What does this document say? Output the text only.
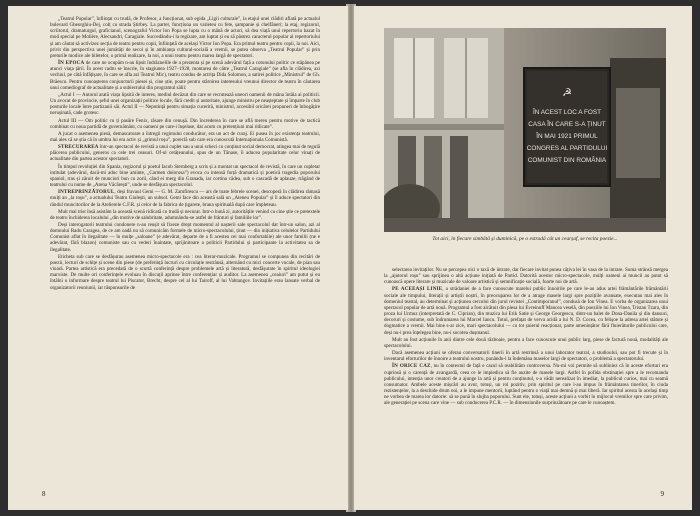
„Teatrul Popular”, înființat cu trudă, de Profesor, a funcționat, sub egida „Ligii culturale”, la etajul unei clădiri aflată pe actualul bulevard Gheorghiu-Dej, colț cu strada Știrbey. La parter, funcționa un varieteu cu fete, șampanie și chelfăneri; la etaj, regizorul, scriitorul, dramaturgul, graficianul, scenograful Victor Ion Popa se lupta cu o mână de actori, să dea viață unui repertoriu bazat în mod special pe Molière, Alecsandri, Caragiale. Succedându-i la regizare, am luptat și eu să păstrez caracterul popular al repertoriului și am căutat să activizez secția de teatru pentru copii, înființată de același Victor Ion Popa. Era primul teatru pentru copii, la noi. Aici, privit din perspectiva unei jumătăți de secol și în ambianța cultural-socială a vremii, se putea observa „Teatrul Popular” și prin preturile modice ale biletelor, o primă realizare, la noi, a unui teatru pentru marea largă de spectatori.

ÎN EPOCA de care ne ocupăm n-au lipsit îndrăznelile de a prezenta și pe scenă adevărul față a cotonului politic ce stăpânea pe atunci viața țării. În acest cadru se înscrie, în stagiunea 1927–1928, montarea de către „Teatrul Caragiale” (se afla în clădirea, azi vechiul, pe câtă înfățișare, în care se afla azi Teatrul Mic), teatru condus de actrița Dida Solomon, a satirei politice „Ministrul” de Gh. Brăescu. Pentru cunoașterea conjuncturii piesei și, cine știe, poate pentru stârnirea interesului vreunui director de teatru în căutarea unui comediograf de actualitate și a subiectului din programul sălii:

„Actul I — Autorul arată viața lipsită de interes, mediul decăzut din care se recrutează uneori oamenii de mâna întâia ai politicii. Un avocat de provincie, șeful unei organizații politice locale, fără credit și autoritate, ajunge ministru pe neașteptate și împarte în club posturile locale între partizanii săi. Actul II — Neputință pentru situația cucerită, ministrul, accesibil oricărei propuneri de înbogățire nerușinată, cade grotesc.

Actul III — Om politic cu ți pasăre Fenix, răsare din cenușă. Din încrederea în care se află mereu pentru motive de tactică combinat cu noua partidă de guvernământ, cu oameni pe care-i înșelase, dar acum cu pretențiuni mai ridicate”.

A jucat o asemenea piesă, demascatoare a întregii regimului conducător, era un act de curaj. Ei pusea în joc existența teatrului, mai ales că se știa că în umbra lui era activ și „grimul roșu”, poreclă sub care era cunoscută Internaționala Comunistă.

STRECURAREA într-un spectacol de revistă a unui cuplet sau a unui scheci cu conținut social democrat, atingea mai de regulă plăcerea publicului, generos ca cele trei ceasuri. Of-ul cetățeanului, spus de un Tănase, îi aducea popularitate celor vinați de actualitate din partea acestor spectatori.

În timpul revoluției din Spania, regizorul și poetul Iacob Sternberg a scris și a montat un spectacol de revistă, în care un cupletar intitulat (adevărul, dacă-mi aduc bine aminte, „Carmen dolorosa”) evoca cu intensă forță dramatică și poetică tragedia poporului spaniol, tras și zăruit de munciori bun cu zorii, când ei merg din Granada, iar cortina cădea, sub o cascadă de aplauze, trăgând de teatrului cu nume de „Arena Văcărești”, unde se desfășura spectacolul.

INTREPRINZĂTORUL, deși fravaul Gemi — G. M. Zamfirescu — ars de toate febrele scenei, descoperă în clădirea rămasă mulți an „la roșu”, a actualului Teatru Giulești, un subsol. Gemi face din această sală un „Ateneu Popular” și îi aduce spectatori din rândul muncitorilor de la Atelierele C.F.R. și celor de la fabrica de țigarete, brana spirituală după care împleteau.

Mult mai trist însă asistăm la această scenă ridicată cu trudă și necurat. Intr-o bună zi, autoritățile venind cu cine știe ce pretextele de teatru închiderea localului „din motive de salubritate, adumnându-se astfel de frânturi și familiile lor”.

Deși interogatorii teatrului condonere n-au reușit să fixeze drept momentul al nașterii sale spectacolul dat într-un salon, azi al domnului Radu Caragea, de ce am oadă nu să comunicăm formele de micro-spectacolului, ținut — din inițiativa celulelor Partidului Comunist aflat în ilegalitate — în mulțe „saloane” (e adevărat, departe de a fi acestea cei mai confortabile) ale unor familii (ne e adevărat, fără blazon) comuniste sau cu vederi înaintate, sprijinitoare a politicii Partidului și participante la activitatea sa de ilegalitate.

Eticheta sub care se desfășurau asemenea micro-spectacole era : cea literar-muzicale. Programul se compunea din recitări de poezii, lecturi de schițe și scene din piese (de preferință lucruri cu circulație restrânsă, alternând cu mici concerte vocale, de pian sau vioară. Partea artistică era precedată de o scurtă conferință despre problemele artă și literatură, desfășurate în spiritul ideologiei marxiste. De multe ori conferințele evoluau în discuții aprinse între conferențiar și auditor. La asemenea „ceaiuri” am putut și eu întâlni o informare despre teatrul lui Piscator, Brecht, despre cel al lui Tairoff, al lui Vahtangov. Invitațiile erau lansate verbal de organizatorii reuniunii, iar răspunsurile de

8
☭
ÎN ACEST LOC A FOST
CASA ÎN CARE S-A ȚINUT
ÎN MAI 1921 PRIMUL
CONGRES AL PARTIDULUI
COMUNIST DIN ROMÂNIA
Tot aici, în fiecare simbătă și duminică, pe o estradă cât un cearșaf, se recita poezie...

selectarea invitaților. Nu se percepea nici o taxă de intrare, dar fiecare invitat punea câțiva lei în vasa de la intrare. Suma strânsă mergea la „ajutorul roșu” sau sprijinea o altă acțiune inițiată de Partid. Datorită acestor micro-spectacole, mulți oameni ai muncii au putut să cunoască opere literare și muzicale de valoare artistică și semnificație socială, foarte noi de artă.

PE ACEEAȘI LINIE, a strădaniei de a face cunoscute marelui public înnoirile pe care le-au adus artei frământările frământării sociale ale timpului, literații și artiștii noștri, în preocuparea lor de a atrage masele largi spre pozițiile avansate, executau mai ales în domeniul teatral, au determinat și acțiunea cercului din jurul revistei „Contimporanul”, condusă de Ion Vinea. E vorba de organizarea unui spectacol popular de artă nouă. Programul a fost alcătuit din piesa lui Evreinoff Mancea veselă, din poeziile lui Ion Vinea, Tristan Tzara, din proza lui Urmuz (interpretată de C. Ciprian), din muzica lui Erik Satie și George Georgescu, dintr-un balet de Dona-Danila și din dansuri, decoruri și costume, sub îndrumarea lui Marcel Iancu. Totul, prefațat de verva acidă a lui N. D. Cocea, cu felișoe la adresa artei stătute și dogmatice a vremii. Mai bine s-ar zice, mari spectacolului — cu tot șuierul reacționar, parte amenințător fără fluierăturile publicului care, deși nu-i prea înțelegea bine, nu-i socotea dușmanul.

Mult au fost acțiunile în anii dintre cele două războaie, pentru a face cunoscute unui public larg, piese de factură nouă, modalități ale spectacolului.

Dacă asemenea acțiuni se oferau conversatorii tinerii în artă restrinsă a unui laborator teatral, a studioului, sau pot fi trecute și în inventarul eforturilor de înnoire a teatrului nostru, punându-l la îndemâna maselor largi de spectatori, o problemă a spectatorului.

ÎN ORICE CAZ, nu în contextul de față e cazul să reabilităm controversa. Nu-mi voi permite să subliniez că în aceste eforturi era cuprinsă și o carență de avangardă, ceea ce le impiedica să fie auzite de masele largi. Astfel în pofida obstinației spre a le recomanda publicului, intenția unor creatori de a ajunge la artă și pentru conținutul, s-a vădit nerealizat în imediat, la publicul curios, mai cu seamă consumator. Ambele aceste mișcări au avut, totuși, un rol pozitiv, prin spiritul pe care l-au impus în frământarea tinerilor, în ciuda rezistențelor, la a deschide drum noi, a le impune mentorii, luptând pentru o viață mai demnă și mai liberă. Iar spiritul acesta în același timp ne vorbea de marea lor datorie: să se pună în slujba poporului. Sunt ele, totuși, aceste acțiuni a vorbit în mijlocul vremilor spre care privim, ale generației pe scena care vine — sub conducerea P.C.R. — în dimensiunile surprinzătoare pe care le cunoaștem.

9
